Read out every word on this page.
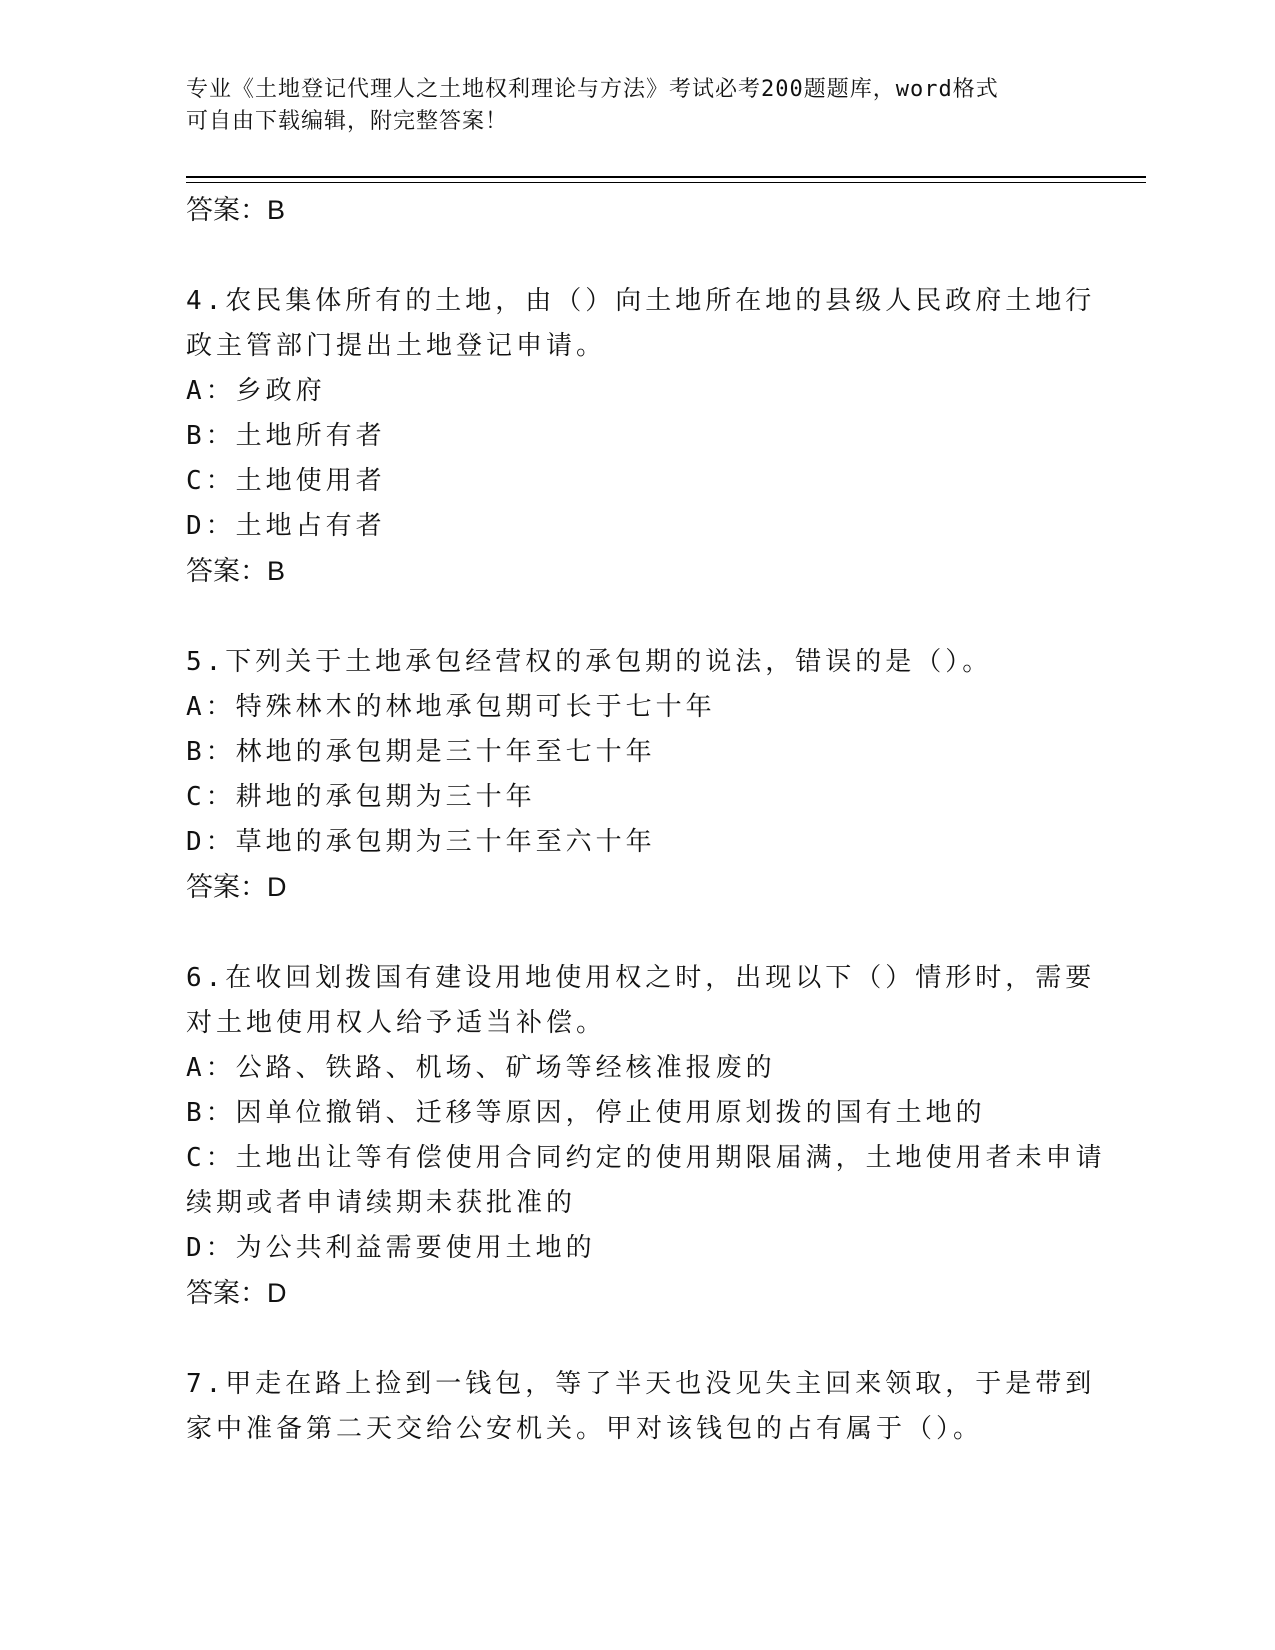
专业《土地登记代理人之土地权利理论与方法》考试必考200题题库，word格式
可自由下载编辑，附完整答案！
答案：B
4.农民集体所有的土地，由（）向土地所在地的县级人民政府土地行
政主管部门提出土地登记申请。
A：乡政府
B：土地所有者
C：土地使用者
D：土地占有者
答案：B
5.下列关于土地承包经营权的承包期的说法，错误的是（）。
A：特殊林木的林地承包期可长于七十年
B：林地的承包期是三十年至七十年
C：耕地的承包期为三十年
D：草地的承包期为三十年至六十年
答案：D
6.在收回划拨国有建设用地使用权之时，出现以下（）情形时，需要
对土地使用权人给予适当补偿。
A：公路、铁路、机场、矿场等经核准报废的
B：因单位撤销、迁移等原因，停止使用原划拨的国有土地的
C：土地出让等有偿使用合同约定的使用期限届满，土地使用者未申请
续期或者申请续期未获批准的
D：为公共利益需要使用土地的
答案：D
7.甲走在路上捡到一钱包，等了半天也没见失主回来领取，于是带到
家中准备第二天交给公安机关。甲对该钱包的占有属于（）。
